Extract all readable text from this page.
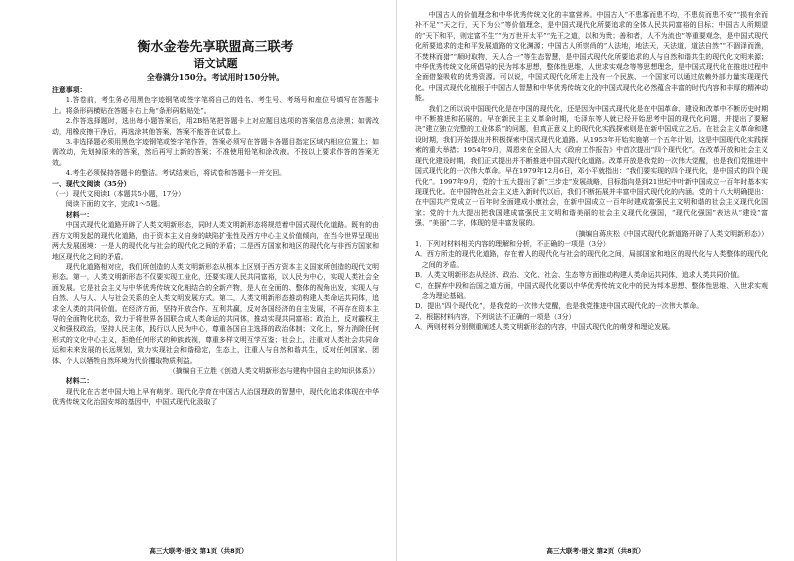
衡水金卷先享联盟高三联考
语文试题
全卷满分150分。考试用时150分钟。

注意事项：

1.答卷前，考生务必用黑色字迹钢笔或签字笔将自己的姓名、考生号、考场号和座位号填写在答题卡上。将条形码横贴在答题卡右上角“条形码粘贴处”。

2.作答选择题时，选出每小题答案后，用2B铅笔把答题卡上对应题目选项的答案信息点涂黑；如需改动，用橡皮擦干净后，再选涂其他答案，答案不能答在试卷上。

3.非选择题必须用黑色字迹钢笔或签字笔作答，答案必须写在答题卡各题目指定区域内相应位置上；如需改动，先划掉原来的答案，然后再写上新的答案；不准使用铅笔和涂改液。不按以上要求作答的答案无效。

4.考生必须保持答题卡的整洁。考试结束后，将试卷和答题卡一并交回。

一、现代文阅读（35分）

（一）现代文阅读Ⅰ（本题共5小题，17分）

阅读下面的文字，完成1～5题。

材料一：

中国式现代化道路开辟了人类文明新形态，同时人类文明新形态将规范着中国式现代化道路。既有的由西方文明发起的现代化道路，由于资本主义自身的缺陷扩张性及西方中心主义价值倾向，在当今世界呈现出两大发展困境：一是人的现代化与社会的现代化之间的矛盾；二是西方国家和地区的现代化与非西方国家和地区现代化之间的矛盾。

现代化道路相对应，我们所创造的人类文明新形态从根本上区别于西方资本主义国家所创造的现代文明形态。第一，人类文明新形态不仅要实现工业化，还要实现人民共同富裕，以人民为中心，实现人类社会全面发展。它是社会主义与中华优秀传统文化相结合的全新产物，是人在全面的、整体的视角出发，实现人与自然、人与人、人与社会关系的全人类文明发展方式。第二，人类文明新形态推动构建人类命运共同体，追求全人类的共同价值。在经济方面，坚持开放合作、互利共赢，反对各国经济的自主发展，不再存在资本主导的全面物化状态，致力于将世界各国联合成人类命运的共同体，推动实现共同富裕；政治上，反对霸权主义和强权政治，坚持人民主体，践行以人民为中心，尊重各国自主选择的政治体制；文化上，努力消除任何形式的文化中心主义，拒绝任何形式的种族歧视，尊重多样文明互学互鉴；社会上，注重对人类社会共同命运和未来发展的长远规划，致力实现社会和谐稳定，生态上，注重人与自然和谐共生，反对任何国家、团体、个人以牺牲自然环境为代价攫取物质利益。

（摘编自王立胜《创造人类文明新形态与建构中国自主的知识体系》）

材料二：

现代化在古老中国大地上早有萌芽。现代化孕育在中国古人治国理政的智慧中，现代化追求体现在中华优秀传统文化治国安邦的基因中，中国式现代化汲取了

高三大联考·语文 第1页（共8页）

中国古人的价值理念和中华优秀传统文化的丰富营养。中国古人“不患寡而患不均，不患贫而患不安”“损有余而补不足”“天之行，天下为公”等价值理念，是中国式现代化所要追求的全体人民共同富裕的目标；中国古人所期望的“天下和平，则定富不生”“为万世开太平”“先王之道，以和为贵；善和者，人不为流也”等重要观念，是中国式现代化所要追求的走和平发展道路的文化渊源；中国古人所崇尚的“人法地，地法天，天法道，道法自然”“不涸泽而渔，不焚林而猎”“顺时取物，天人合一”等生态智慧，是中国式现代化所要追求的人与自然和谐共生的现代化文明来源；中华优秀传统文化所倡导的民为邦本思想，整体性思维，人世求实观念等等思想理念，是中国式现代化在推进过程中全面借鉴吸收的优秀资源。可以说，中国式现代化所走上没有一个民族、一个国家可以通过依赖外部力量实现现代化。中国式现代化植根于中国古人智慧和中华优秀传统文化的中国式现代化必然蕴含丰富的时代内容和丰厚的精神动能。

我们之所以说中国现代化是在中国的现代化，还是因为中国式现代化是在中国革命、建设和改革中不断历史时期中不断推进和拓展的。早在新民主主义革命时期，毛泽东等人就已经开始思考中国的现代化问题，并提出了要解决“建立独立完整的工业体系”的问题，但真正意义上的现代化实践探索则是在新中国成立之后。在社会主义革命和建设时期，我们开始提出并积极探索中国式现代化道路。从1953年开始实施第一个五年计划，这是中国现代化实践探索的重大举措；1954年9月，周恩来在全国人大《政府工作报告》中首次提出“四个现代化”。在改革开放和社会主义现代化建设时期，我们正式提出并不断推进中国式现代化道路。改革开放是我党的一次伟大觉醒，也是我们党推进中国式现代化的一次伟大革命。早在1979年12月6日，邓小平就指出：“我们要实现的四个现代化，是中国式的四个现代化”。1997年9月，党的十五大提出了新“三步走”发展战略，目标指向是到21世纪中叶新中国成立一百年时基本实现现代化。在中国特色社会主义进入新时代以后，我们不断拓展并丰富中国式现代化的内涵。党的十八大明确提出：在中国共产党成立一百年时全面建成小康社会，在新中国成立一百年时建成富强民主文明和谐的社会主义现代化国家；党的十九大提出把我国建成富强民主文明和谐美丽的社会主义现代化强国，“现代化强国”表达从“建设”富强、“美丽”二字，体现的是丰富发展的。

（摘编自蒋庆松《中国式现代化新道路开辟了人类文明新形态》）

1．下列对材料相关内容的理解和分析，不正确的一项是（3分）

A．西方所走的现代化道路，存在着人的现代化与社会的现代化之间，局部国家和地区的现代化与人类整体的现代化之间的矛盾。

B．人类文明新形态从经济、政治、文化、社会、生态等方面推动构建人类命运共同体，追求人类共同价值。

C．在摒弃中段和治国之道方面，中国式现代化要以中华优秀传统文化中的民为邦本思想、整体性思维、入世求实观念为理论基础。

D．提出“四个现代化”，是我党的一次伟大觉醒，也是我党推进中国式现代化的一次伟大革命。

2．根据材料内容，下列说法不正确的一项是（3分）

A．两则材料分别侧重阐述人类文明新形态的内容，中国式现代化的萌芽和理论发展。

高三大联考·语文 第2页（共8页）
